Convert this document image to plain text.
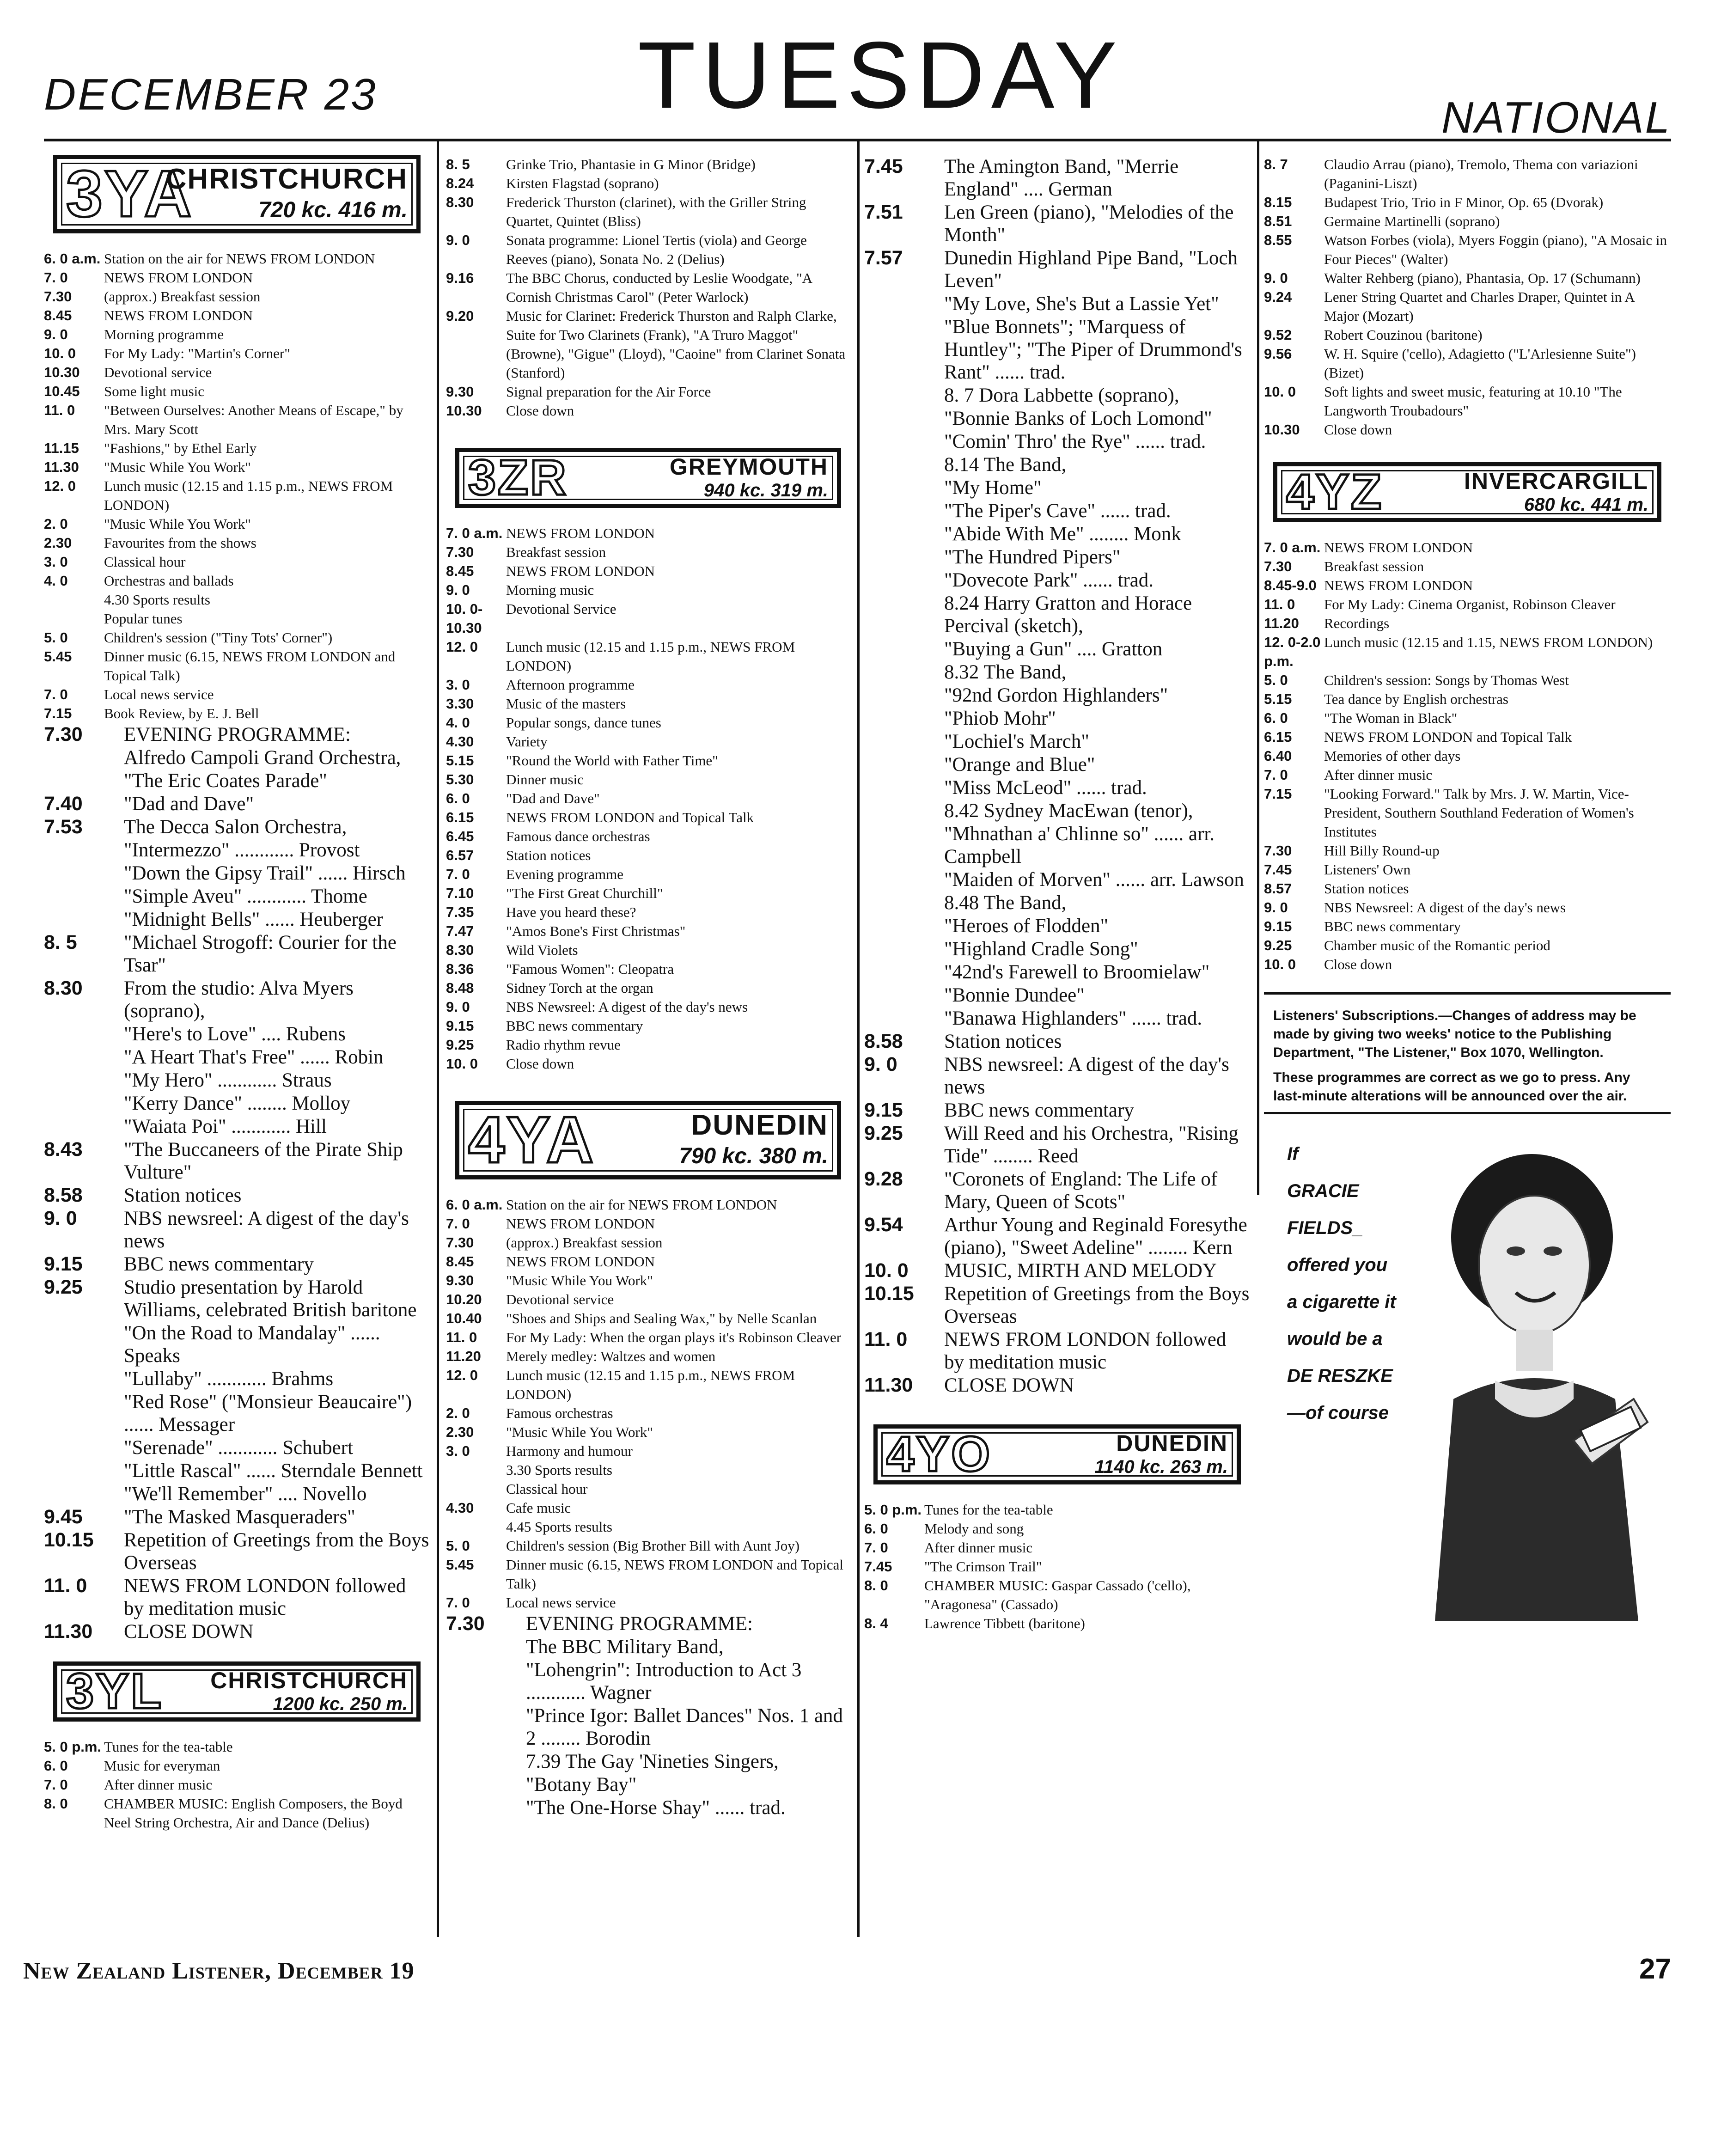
DECEMBER 23	TUESDAY	NATIONAL
3YA
CHRISTCHURCH
720 kc. 416 m.
6. 0 a.m. Station on the air for NEWS FROM LONDON
7. 0	NEWS FROM LONDON
7.30	(approx.) Breakfast session
8.45	NEWS FROM LONDON
9. 0	Morning programme
10. 0	For My Lady: "Martin's Corner"
10.30	Devotional service
10.45	Some light music
11. 0	"Between Ourselves: Another Means of Escape," by Mrs. Mary Scott
11.15	"Fashions," by Ethel Early
11.30	"Music While You Work"
12. 0	Lunch music (12.15 and 1.15 p.m., NEWS FROM LONDON)
2. 0	"Music While You Work"
2.30	Favourites from the shows
3. 0	Classical hour
4. 0	Orchestras and ballads
4.30 Sports results
Popular tunes
5. 0	Children's session ("Tiny Tots' Corner")
5.45	Dinner music (6.15, NEWS FROM LONDON and Topical Talk)
7. 0	Local news service
7.15	Book Review, by E. J. Bell
7.30	EVENING PROGRAMME:
Alfredo Campoli Grand Orchestra,
"The Eric Coates Parade"
7.40	"Dad and Dave"
7.53	The Decca Salon Orchestra,
"Intermezzo" ............ Provost
"Down the Gipsy Trail" ...... Hirsch
"Simple Aveu" ............ Thome
"Midnight Bells" ...... Heuberger
8. 5	"Michael Strogoff: Courier for the Tsar"
8.30	From the studio: Alva Myers (soprano),
"Here's to Love" .... Rubens
"A Heart That's Free" ...... Robin
"My Hero" ............ Straus
"Kerry Dance" ........ Molloy
"Waiata Poi" ............ Hill
8.43	"The Buccaneers of the Pirate Ship Vulture"
8.58	Station notices
9. 0	NBS newsreel: A digest of the day's news
9.15	BBC news commentary
9.25	Studio presentation by Harold Williams, celebrated British baritone
"On the Road to Mandalay" ...... Speaks
"Lullaby" ............ Brahms
"Red Rose" ("Monsieur Beaucaire") ...... Messager
"Serenade" ............ Schubert
"Little Rascal" ...... Sterndale Bennett
"We'll Remember" .... Novello
9.45	"The Masked Masqueraders"
10.15	Repetition of Greetings from the Boys Overseas
11. 0	NEWS FROM LONDON followed by meditation music
11.30	CLOSE DOWN
3YL CHRISTCHURCH
1200 kc. 250 m.
5. 0 p.m. Tunes for the tea-table
6. 0	Music for everyman
7. 0	After dinner music
8. 0	CHAMBER MUSIC: English Composers, the Boyd Neel String Orchestra, Air and Dance (Delius)
8. 5	Grinke Trio, Phantasie in G Minor (Bridge)
8.24	Kirsten Flagstad (soprano)
8.30	Frederick Thurston (clarinet), with the Griller String Quartet, Quintet (Bliss)
9. 0	Sonata programme: Lionel Tertis (viola) and George Reeves (piano), Sonata No. 2 (Delius)
9.16	The BBC Chorus, conducted by Leslie Woodgate, "A Cornish Christmas Carol" (Peter Warlock)
9.20	Music for Clarinet: Frederick Thurston and Ralph Clarke, Suite for Two Clarinets (Frank), "A Truro Maggot" (Browne), "Gigue" (Lloyd), "Caoine" from Clarinet Sonata (Stanford)
9.30	Signal preparation for the Air Force
10.30	Close down
3ZR	GREYMOUTH
940 kc. 319 m.
7. 0 a.m. NEWS FROM LONDON
7.30	Breakfast session
8.45	NEWS FROM LONDON
9. 0	Morning music
10. 0-10.30
Devotional Service
12. 0	Lunch music (12.15 and 1.15 p.m., NEWS FROM LONDON)
3. 0	Afternoon programme
3.30	Music of the masters
4. 0	Popular songs, dance tunes
4.30	Variety
5.15	"Round the World with Father Time"
5.30	Dinner music
6. 0	"Dad and Dave"
6.15	NEWS FROM LONDON and Topical Talk
6.45	Famous dance orchestras
6.57	Station notices
7. 0	Evening programme
7.10	"The First Great Churchill"
7.35	Have you heard these?
7.47	"Amos Bone's First Christmas"
8.30	Wild Violets
8.36	"Famous Women": Cleopatra
8.48	Sidney Torch at the organ
9. 0	NBS Newsreel: A digest of the day's news
9.15	BBC news commentary
9.25	Radio rhythm revue
10. 0	Close down
4YA	DUNEDIN
790 kc. 380 m.
6. 0 a.m. Station on the air for NEWS FROM LONDON
7. 0	NEWS FROM LONDON
7.30	(approx.) Breakfast session
8.45	NEWS FROM LONDON
9.30	"Music While You Work"
10.20	Devotional service
10.40	"Shoes and Ships and Sealing Wax," by Nelle Scanlan
11. 0	For My Lady: When the organ plays it's Robinson Cleaver
11.20	Merely medley: Waltzes and women
12. 0	Lunch music (12.15 and 1.15 p.m., NEWS FROM LONDON)
2. 0	Famous orchestras
2.30	"Music While You Work"
3. 0	Harmony and humour
3.30 Sports results
Classical hour
4.30	Cafe music
4.45 Sports results
5. 0	Children's session (Big Brother Bill with Aunt Joy)
5.45	Dinner music (6.15, NEWS FROM LONDON and Topical Talk)
7. 0	Local news service
7.30	EVENING PROGRAMME:
The BBC Military Band,
"Lohengrin": Introduction to Act 3 ............ Wagner
"Prince Igor: Ballet Dances" Nos. 1 and 2 ........ Borodin
7.39 The Gay 'Nineties Singers,
"Botany Bay"
"The One-Horse Shay" ...... trad.
7.45	The Amington Band, "Merrie England" .... German
7.51	Len Green (piano), "Melodies of the Month"
7.57	Dunedin Highland Pipe Band, "Loch Leven"
"My Love, She's But a Lassie Yet"
"Blue Bonnets"; "Marquess of Huntley"; "The Piper of Drummond's Rant" ...... trad.
8. 7 Dora Labbette (soprano),
"Bonnie Banks of Loch Lomond"
"Comin' Thro' the Rye" ...... trad.
8.14 The Band,
"My Home"
"The Piper's Cave" ...... trad.
"Abide With Me" ........ Monk
"The Hundred Pipers"
"Dovecote Park" ...... trad.
8.24 Harry Gratton and Horace Percival (sketch),
"Buying a Gun" .... Gratton
8.32 The Band,
"92nd Gordon Highlanders"
"Phiob Mohr"
"Lochiel's March"
"Orange and Blue"
"Miss McLeod" ...... trad.
8.42 Sydney MacEwan (tenor),
"Mhnathan a' Chlinne so" ...... arr. Campbell
"Maiden of Morven" ...... arr. Lawson
8.48 The Band,
"Heroes of Flodden"
"Highland Cradle Song"
"42nd's Farewell to Broomielaw"
"Bonnie Dundee"
"Banawa Highlanders" ...... trad.
8.58	Station notices
9. 0	NBS newsreel: A digest of the day's news
9.15	BBC news commentary
9.25	Will Reed and his Orchestra, "Rising Tide" ........ Reed
9.28	"Coronets of England: The Life of Mary, Queen of Scots"
9.54	Arthur Young and Reginald Foresythe (piano), "Sweet Adeline" ........ Kern
10. 0	MUSIC, MIRTH AND MELODY
10.15	Repetition of Greetings from the Boys Overseas
11. 0	NEWS FROM LONDON followed by meditation music
11.30	CLOSE DOWN
4YO	DUNEDIN
1140 kc. 263 m.
5. 0 p.m. Tunes for the tea-table
6. 0	Melody and song
7. 0	After dinner music
7.45	"The Crimson Trail"
8. 0	CHAMBER MUSIC: Gaspar Cassado ('cello), "Aragonesa" (Cassado)
8. 4	Lawrence Tibbett (baritone)
8. 7	Claudio Arrau (piano), Tremolo, Thema con variazioni (Paganini-Liszt)
8.15	Budapest Trio, Trio in F Minor, Op. 65 (Dvorak)
8.51	Germaine Martinelli (soprano)
8.55	Watson Forbes (viola), Myers Foggin (piano), "A Mosaic in Four Pieces" (Walter)
9. 0	Walter Rehberg (piano), Phantasia, Op. 17 (Schumann)
9.24	Lener String Quartet and Charles Draper, Quintet in A Major (Mozart)
9.52	Robert Couzinou (baritone)
9.56	W. H. Squire ('cello), Adagietto ("L'Arlesienne Suite") (Bizet)
10. 0	Soft lights and sweet music, featuring at 10.10 "The Langworth Troubadours"
10.30	Close down
4YZ	INVERCARGILL
680 kc. 441 m.
7. 0 a.m. NEWS FROM LONDON
7.30	Breakfast session
8.45-9.0 NEWS FROM LONDON
11. 0	For My Lady: Cinema Organist, Robinson Cleaver
11.20	Recordings
12. 0-2.0 p.m.
Lunch music (12.15 and 1.15, NEWS FROM LONDON)
5. 0	Children's session: Songs by Thomas West
5.15	Tea dance by English orchestras
6. 0	"The Woman in Black"
6.15	NEWS FROM LONDON and Topical Talk
6.40	Memories of other days
7. 0	After dinner music
7.15	"Looking Forward." Talk by Mrs. J. W. Martin, Vice-President, Southern Southland Federation of Women's Institutes
7.30	Hill Billy Round-up
7.45	Listeners' Own
8.57	Station notices
9. 0	NBS Newsreel: A digest of the day's news
9.15	BBC news commentary
9.25	Chamber music of the Romantic period
10. 0	Close down

Listeners' Subscriptions.—Changes of address may be made by giving two weeks' notice to the Publishing Department, "The Listener," Box 1070, Wellington.

These programmes are correct as we go to press. Any last-minute alterations will be announced over the air.

If
GRACIE
FIELDS_
offered you
a cigarette it
would be a
DE RESZKE
—of course
New Zealand Listener, December 19	27
